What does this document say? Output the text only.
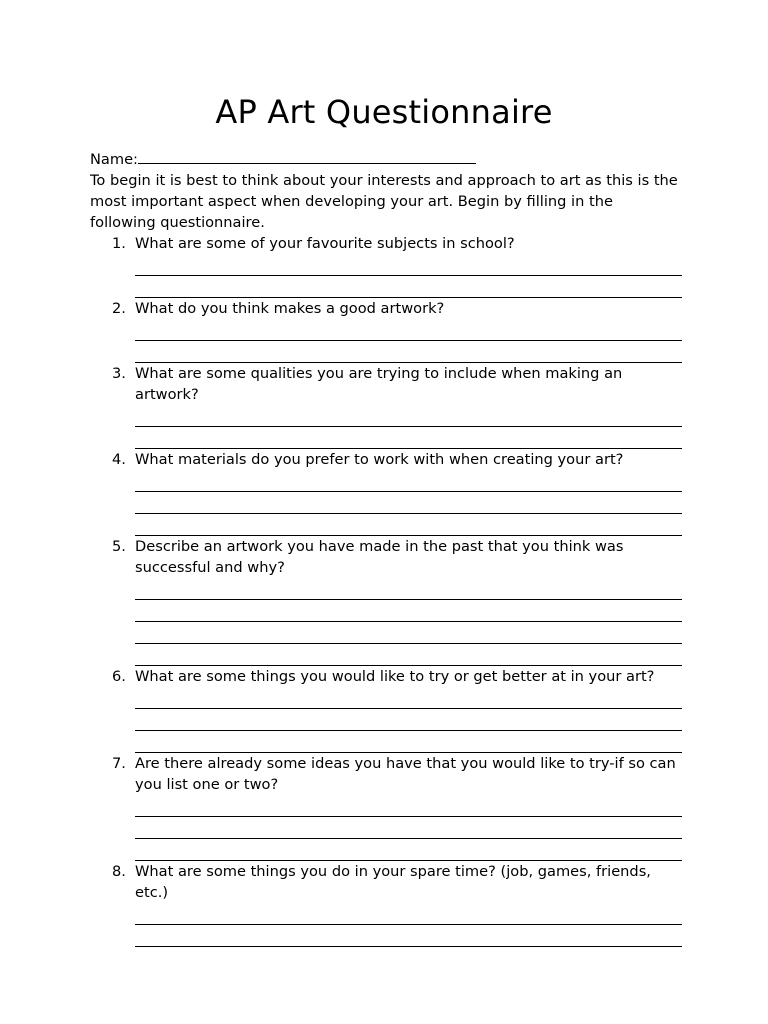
AP Art Questionnaire

Name:

To begin it is best to think about your interests and approach to art as this is the most important aspect when developing your art. Begin by filling in the following questionnaire.

1. What are some of your favourite subjects in school?
2. What do you think makes a good artwork?
3. What are some qualities you are trying to include when making an artwork?
4. What materials do you prefer to work with when creating your art?
5. Describe an artwork you have made in the past that you think was successful and why?
6. What are some things you would like to try or get better at in your art?
7. Are there already some ideas you have that you would like to try-if so can you list one or two?
8. What are some things you do in your spare time? (job, games, friends, etc.)
